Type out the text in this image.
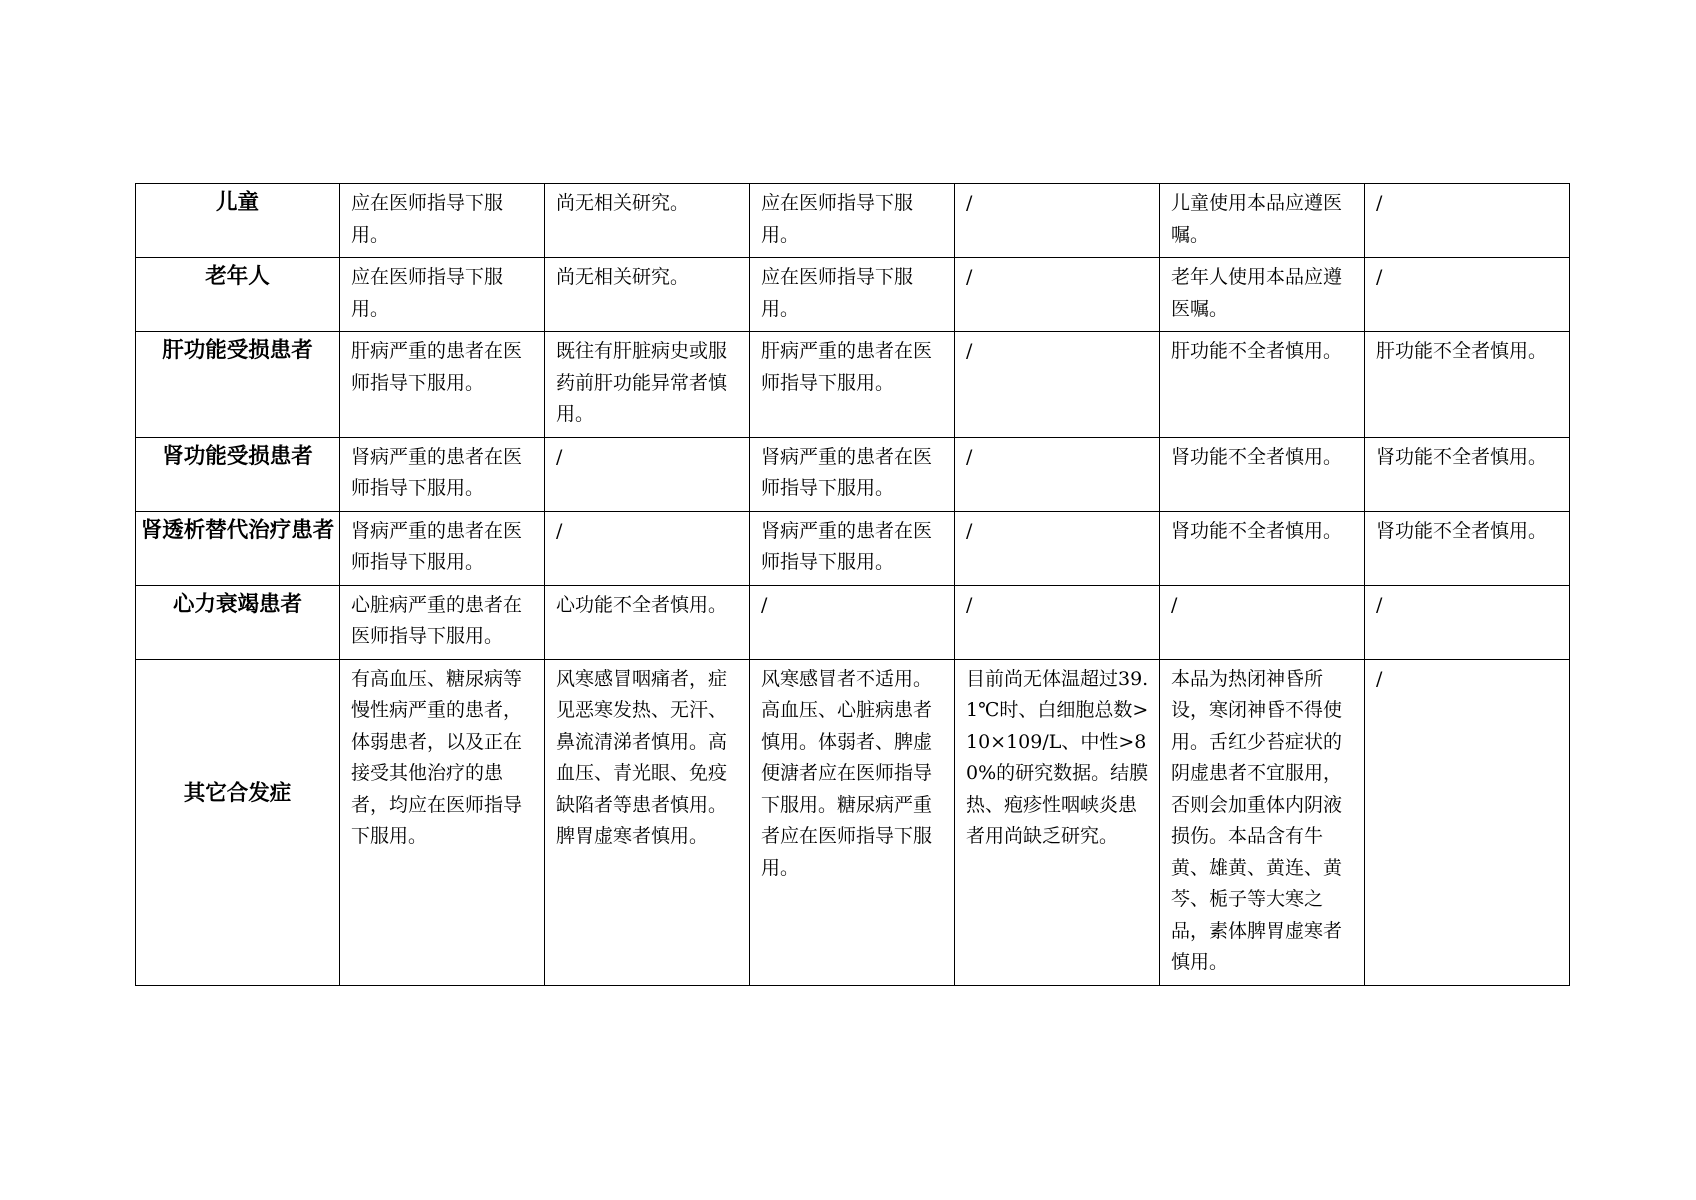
儿童	应在医师指导下服用。	尚无相关研究。	应在医师指导下服用。	/	儿童使用本品应遵医嘱。	/
老年人	应在医师指导下服用。	尚无相关研究。	应在医师指导下服用。	/	老年人使用本品应遵医嘱。	/
肝功能受损患者	肝病严重的患者在医师指导下服用。	既往有肝脏病史或服药前肝功能异常者慎用。	肝病严重的患者在医师指导下服用。	/	肝功能不全者慎用。	肝功能不全者慎用。
肾功能受损患者	肾病严重的患者在医师指导下服用。	/	肾病严重的患者在医师指导下服用。	/	肾功能不全者慎用。	肾功能不全者慎用。
肾透析替代治疗患者	肾病严重的患者在医师指导下服用。	/	肾病严重的患者在医师指导下服用。	/	肾功能不全者慎用。	肾功能不全者慎用。
心力衰竭患者	心脏病严重的患者在医师指导下服用。	心功能不全者慎用。	/	/	/	/
其它合发症	有高血压、糖尿病等慢性病严重的患者，体弱患者，以及正在接受其他治疗的患者，均应在医师指导下服用。	风寒感冒咽痛者，症见恶寒发热、无汗、鼻流清涕者慎用。高血压、青光眼、免疫缺陷者等患者慎用。脾胃虚寒者慎用。	风寒感冒者不适用。高血压、心脏病患者慎用。体弱者、脾虚便溏者应在医师指导下服用。糖尿病严重者应在医师指导下服用。	目前尚无体温超过39.1℃时、白细胞总数>10×109/L、中性>80%的研究数据。结膜热、疱疹性咽峡炎患者用尚缺乏研究。	本品为热闭神昏所设，寒闭神昏不得使用。舌红少苔症状的阴虚患者不宜服用，否则会加重体内阴液损伤。本品含有牛黄、雄黄、黄连、黄芩、栀子等大寒之品，素体脾胃虚寒者慎用。	/
